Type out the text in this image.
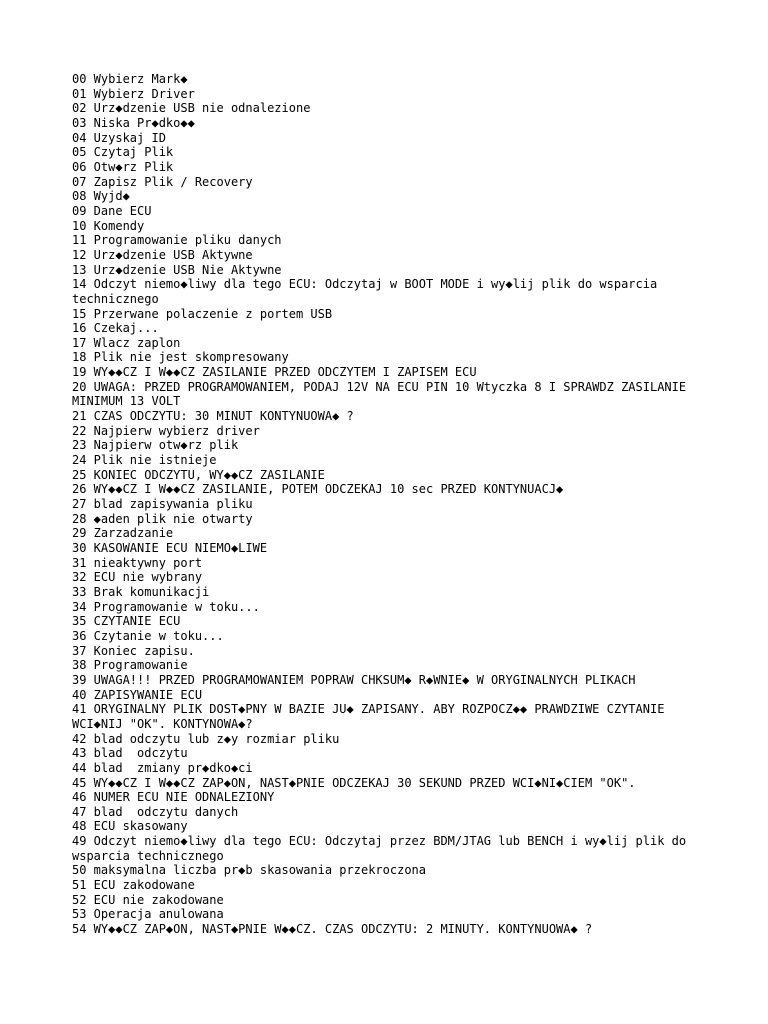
00 Wybierz Mark◆
01 Wybierz Driver
02 Urz◆dzenie USB nie odnalezione
03 Niska Pr◆dko◆◆
04 Uzyskaj ID
05 Czytaj Plik
06 Otw◆rz Plik
07 Zapisz Plik / Recovery
08 Wyjd◆
09 Dane ECU
10 Komendy
11 Programowanie pliku danych
12 Urz◆dzenie USB Aktywne
13 Urz◆dzenie USB Nie Aktywne
14 Odczyt niemo◆liwy dla tego ECU: Odczytaj w BOOT MODE i wy◆lij plik do wsparcia technicznego
15 Przerwane polaczenie z portem USB
16 Czekaj...
17 Wlacz zaplon
18 Plik nie jest skompresowany
19 WY◆◆CZ I W◆◆CZ ZASILANIE PRZED ODCZYTEM I ZAPISEM ECU
20 UWAGA: PRZED PROGRAMOWANIEM, PODAJ 12V NA ECU PIN 10 Wtyczka 8 I SPRAWDZ ZASILANIE MINIMUM 13 VOLT
21 CZAS ODCZYTU: 30 MINUT KONTYNUOWA◆ ?
22 Najpierw wybierz driver
23 Najpierw otw◆rz plik
24 Plik nie istnieje
25 KONIEC ODCZYTU, WY◆◆CZ ZASILANIE
26 WY◆◆CZ I W◆◆CZ ZASILANIE, POTEM ODCZEKAJ 10 sec PRZED KONTYNUACJ◆
27 blad zapisywania pliku
28 ◆aden plik nie otwarty
29 Zarzadzanie
30 KASOWANIE ECU NIEMO◆LIWE
31 nieaktywny port
32 ECU nie wybrany
33 Brak komunikacji
34 Programowanie w toku...
35 CZYTANIE ECU
36 Czytanie w toku...
37 Koniec zapisu.
38 Programowanie
39 UWAGA!!! PRZED PROGRAMOWANIEM POPRAW CHKSUM◆ R◆WNIE◆ W ORYGINALNYCH PLIKACH
40 ZAPISYWANIE ECU
41 ORYGINALNY PLIK DOST◆PNY W BAZIE JU◆ ZAPISANY. ABY ROZPOCZ◆◆ PRAWDZIWE CZYTANIE WCI◆NIJ "OK". KONTYNOWA◆?
42 blad odczytu lub z◆y rozmiar pliku
43 blad  odczytu
44 blad  zmiany pr◆dko◆ci
45 WY◆◆CZ I W◆◆CZ ZAP◆ON, NAST◆PNIE ODCZEKAJ 30 SEKUND PRZED WCI◆NI◆CIEM "OK".
46 NUMER ECU NIE ODNALEZIONY
47 blad  odczytu danych
48 ECU skasowany
49 Odczyt niemo◆liwy dla tego ECU: Odczytaj przez BDM/JTAG lub BENCH i wy◆lij plik do wsparcia technicznego
50 maksymalna liczba pr◆b skasowania przekroczona
51 ECU zakodowane
52 ECU nie zakodowane
53 Operacja anulowana
54 WY◆◆CZ ZAP◆ON, NAST◆PNIE W◆◆CZ. CZAS ODCZYTU: 2 MINUTY. KONTYNUOWA◆ ?
